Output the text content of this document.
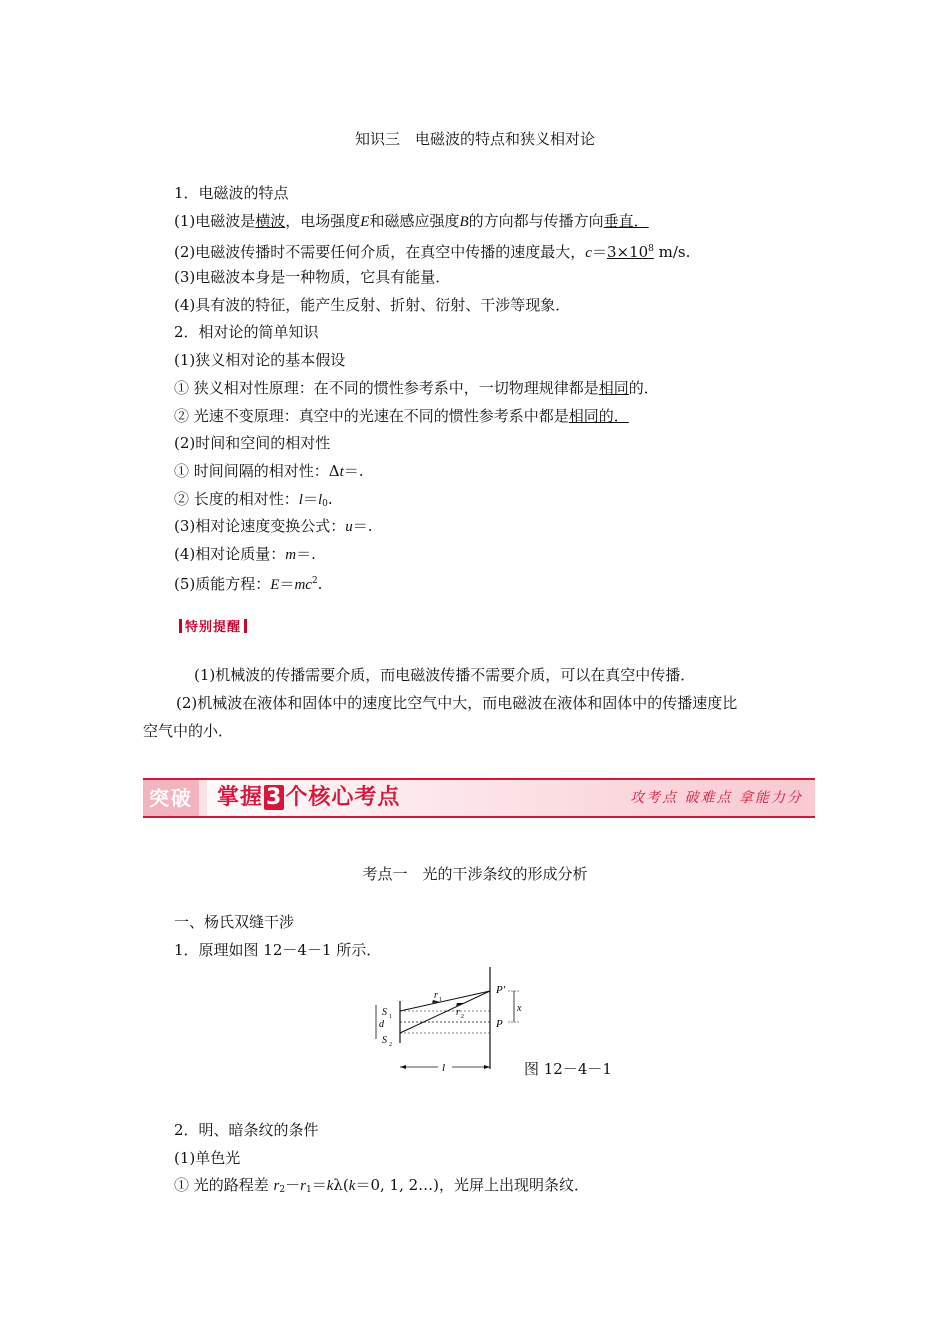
知识三　电磁波的特点和狭义相对论
1．电磁波的特点
(1)电磁波是横波，电场强度E和磁感应强度B的方向都与传播方向垂直．
(2)电磁波传播时不需要任何介质，在真空中传播的速度最大，$c=3\times 10^8$ m/s.
(3)电磁波本身是一种物质，它具有能量．
(4)具有波的特征，能产生反射、折射、衍射、干涉等现象．
2．相对论的简单知识
(1)狭义相对论的基本假设
① 狭义相对性原理：在不同的惯性参考系中，一切物理规律都是相同的．
② 光速不变原理：真空中的光速在不同的惯性参考系中都是相同的．
(2)时间和空间的相对性
① 时间间隔的相对性：Δt＝.
② 长度的相对性：$l=l_0$.
(3)相对论速度变换公式：u＝.
(4)相对论质量：m＝.
(5)质能方程：$E=mc^2$.
特别提醒
(1)机械波的传播需要介质，而电磁波传播不需要介质，可以在真空中传播．
(2)机械波在液体和固体中的速度比空气中大，而电磁波在液体和固体中的传播速度比
空气中的小．
突破 掌握 3 个核心考点	攻考点 破难点 拿能力分
考点一　光的干涉条纹的形成分析
一、杨氏双缝干涉
1．原理如图 12－4－1 所示．
P′
P
x
r 1
r 2
S 1
d
S 2
l	图 12－4－1
2．明、暗条纹的条件
(1)单色光
① 光的路程差 $r_2-r_1=k\lambda(k=0$, 1, 2…)，光屏上出现明条纹．
